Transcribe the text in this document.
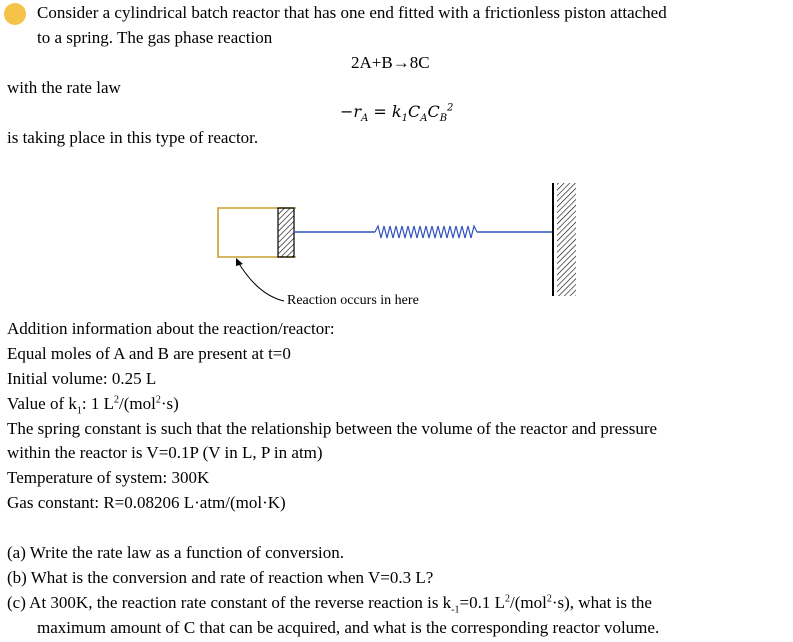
Consider a cylindrical batch reactor that has one end fitted with a frictionless piston attached
to a spring. The gas phase reaction
2A+B→8C
with the rate law
$-r_A = k_1C_AC_B^2$
is taking place in this type of reactor.
Reaction occurs in here
Addition information about the reaction/reactor:
Equal moles of A and B are present at t=0
Initial volume: 0.25 L
Value of $k_1$: 1 $L^2/(mol^2\cdot s)$
The spring constant is such that the relationship between the volume of the reactor and pressure
within the reactor is V=0.1P (V in L, P in atm)
Temperature of system: 300K
Gas constant: R=0.08206 L·atm/(mol·K)
(a) Write the rate law as a function of conversion.
(b) What is the conversion and rate of reaction when V=0.3 L?
(c) At 300K, the reaction rate constant of the reverse reaction is $k_{-1}=0.1$ $L^2/(mol^2\cdot s)$, what is the
maximum amount of C that can be acquired, and what is the corresponding reactor volume.
